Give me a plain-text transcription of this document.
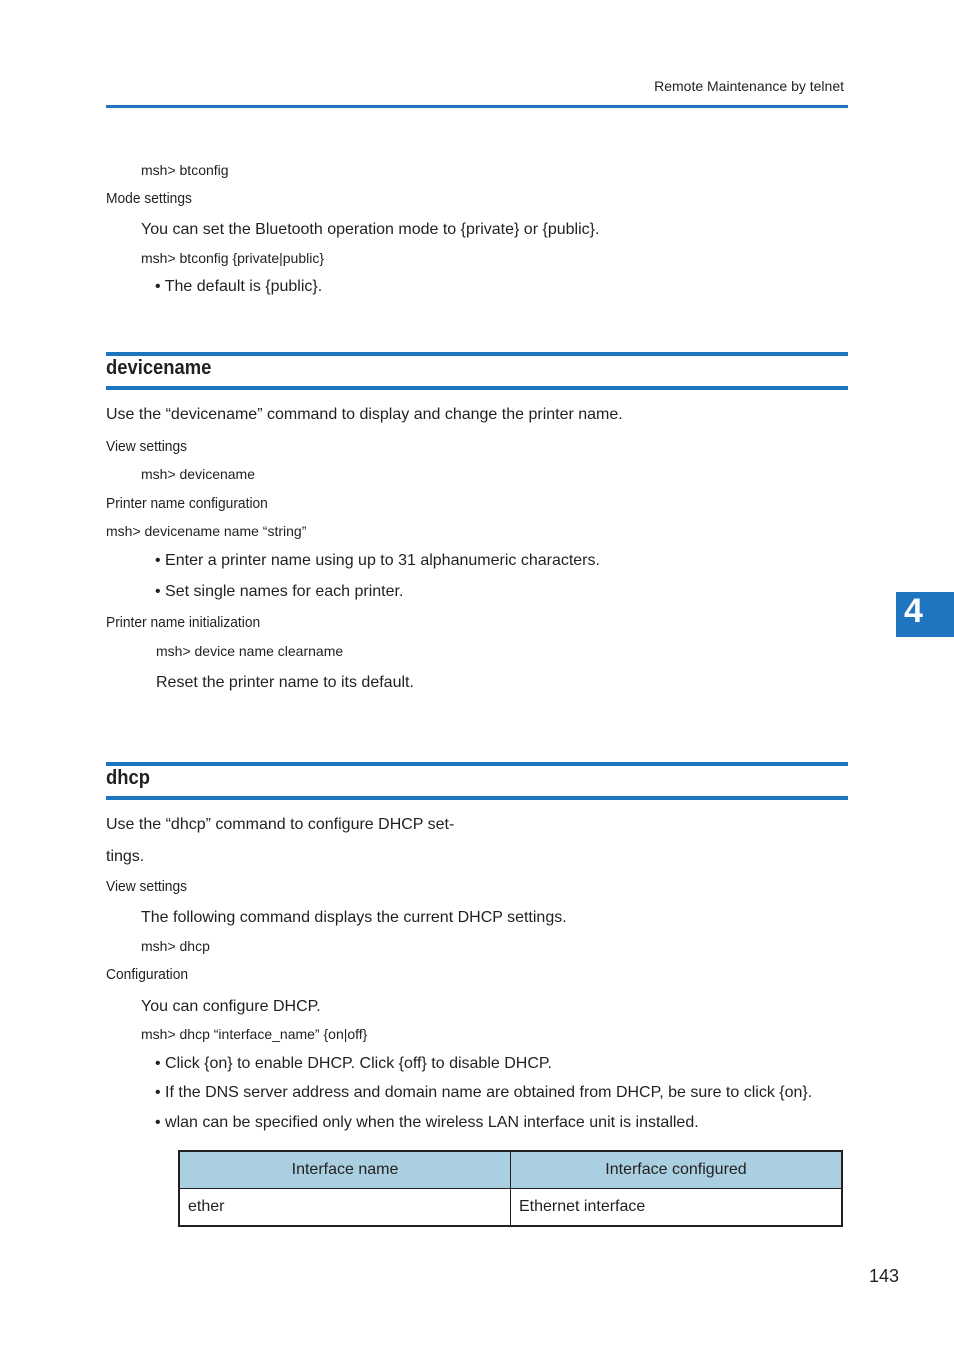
Remote Maintenance by telnet
msh> btconfig
Mode settings
You can set the Bluetooth operation mode to {private} or {public}.
msh> btconfig {private|public}
• The default is {public}.
devicename
Use the “devicename” command to display and change the printer name.
View settings
msh> devicename
Printer name configuration
msh> devicename name “string”
• Enter a printer name using up to 31 alphanumeric characters.
• Set single names for each printer.
Printer name initialization
msh> device name clearname
Reset the printer name to its default.
4
dhcp
Use the “dhcp” command to configure DHCP set-
tings.
View settings
The following command displays the current DHCP settings.
msh> dhcp
Configuration
You can configure DHCP.
msh> dhcp “interface_name” {on|off}
• Click {on} to enable DHCP. Click {off} to disable DHCP.
• If the DNS server address and domain name are obtained from DHCP, be sure to click {on}.
• wlan can be specified only when the wireless LAN interface unit is installed.
Interface name	Interface configured
ether	Ethernet interface
143
